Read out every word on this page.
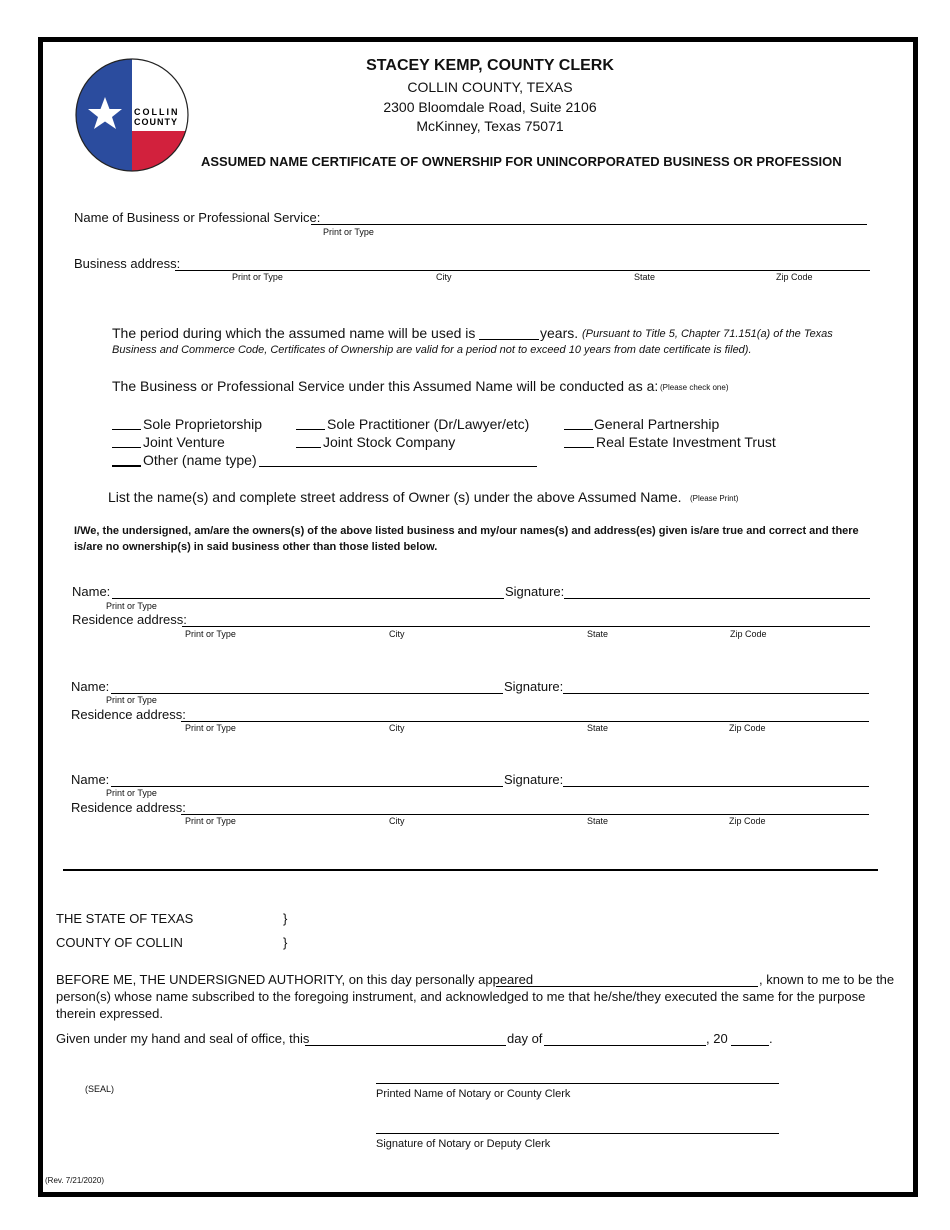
COLLIN
COUNTY
STACEY KEMP, COUNTY CLERK
COLLIN COUNTY, TEXAS
2300 Bloomdale Road, Suite 2106
McKinney, Texas 75071
ASSUMED NAME CERTIFICATE OF OWNERSHIP FOR UNINCORPORATED BUSINESS OR PROFESSION
Name of Business or Professional Service:
Print or Type
Business address:
Print or Type	City	State	Zip Code
The period during which the assumed name will be used is	years. (Pursuant to Title 5, Chapter 71.151(a) of the Texas
Business and Commerce Code, Certificates of Ownership are valid for a period not to exceed 10 years from date certificate is filed).
The Business or Professional Service under this Assumed Name will be conducted as a: (Please check one)
Sole Proprietorship	Sole Practitioner (Dr/Lawyer/etc)	General Partnership
Joint Venture	Joint Stock Company	Real Estate Investment Trust
Other (name type)
List the name(s) and complete street address of Owner (s) under the above Assumed Name. (Please Print)
I/We, the undersigned, am/are the owners(s) of the above listed business and my/our names(s) and address(es) given is/are true and correct and there
is/are no ownership(s) in said business other than those listed below.
Name:	Signature:
Print or Type
Residence address:
Print or Type	City	State	Zip Code
Name:	Signature:
Print or Type
Residence address:
Print or Type	City	State	Zip Code
Name:	Signature:
Print or Type
Residence address:
Print or Type	City	State	Zip Code
THE STATE OF TEXAS	}
COUNTY OF COLLIN	}
BEFORE ME, THE UNDERSIGNED AUTHORITY, on this day personally appeared	, known to me to be the
person(s) whose name subscribed to the foregoing instrument, and acknowledged to me that he/she/they executed the same for the purpose
therein expressed.
Given under my hand and seal of office, this	day of	, 20	.
(SEAL)	Printed Name of Notary or County Clerk
Signature of Notary or Deputy Clerk
(Rev. 7/21/2020)
